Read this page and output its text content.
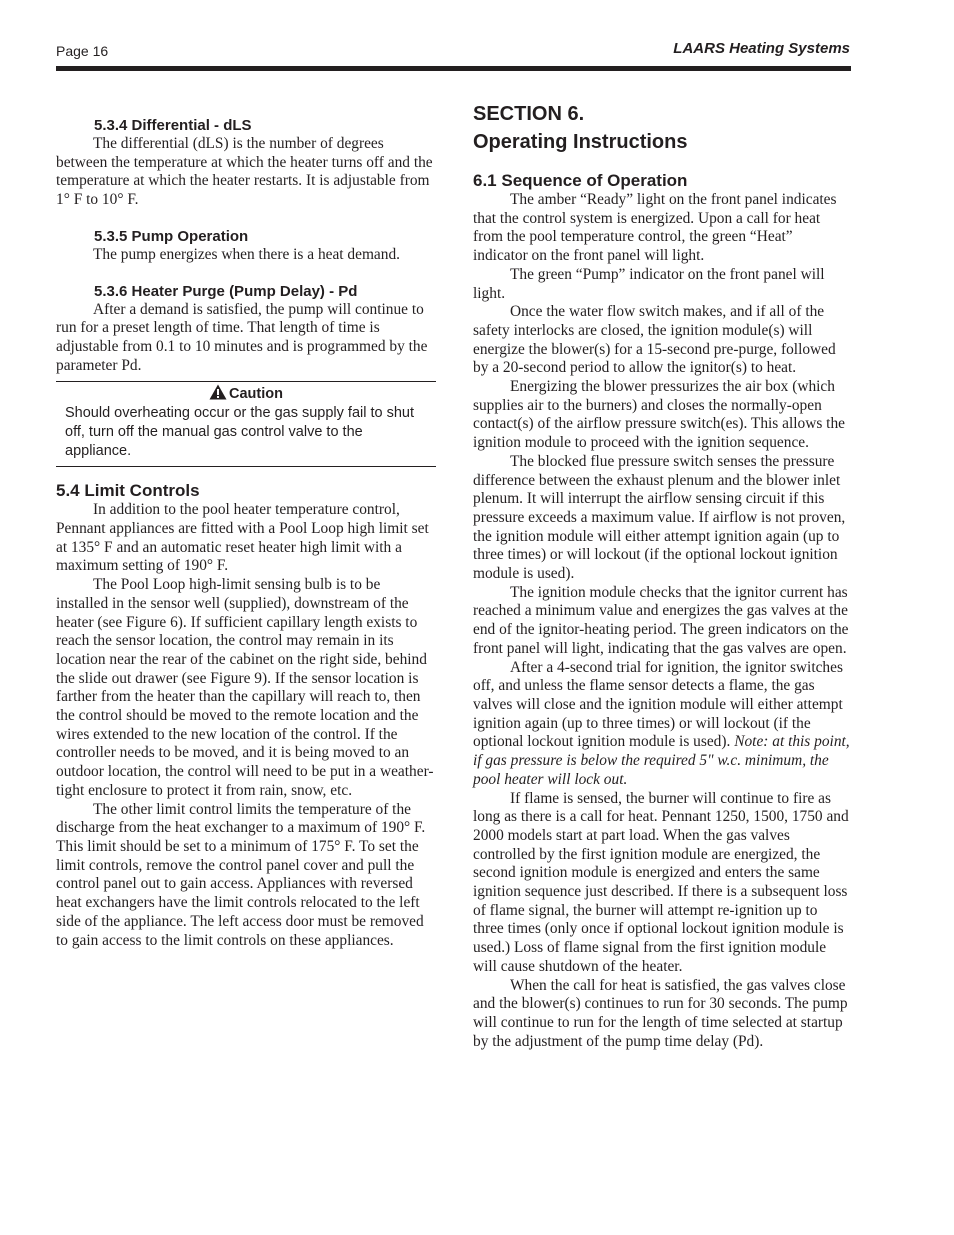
Page 16	LAARS Heating Systems
5.3.4 Differential - dLS

The differential (dLS) is the number of degrees between the temperature at which the heater turns off and the temperature at which the heater restarts. It is adjustable from 1° F to 10° F.

5.3.5 Pump Operation

The pump energizes when there is a heat demand.

5.3.6 Heater Purge (Pump Delay) - Pd

After a demand is satisfied, the pump will continue to run for a preset length of time. That length of time is adjustable from 0.1 to 10 minutes and is programmed by the parameter Pd.

Caution
Should overheating occur or the gas supply fail to shut off, turn off the manual gas control valve to the appliance.
5.4 Limit Controls

In addition to the pool heater temperature control, Pennant appliances are fitted with a Pool Loop high limit set at 135° F and an automatic reset heater high limit with a maximum setting of 190° F.

The Pool Loop high-limit sensing bulb is to be installed in the sensor well (supplied), downstream of the heater (see Figure 6). If sufficient capillary length exists to reach the sensor location, the control may remain in its location near the rear of the cabinet on the right side, behind the slide out drawer (see Figure 9). If the sensor location is farther from the heater than the capillary will reach to, then the control should be moved to the remote location and the wires extended to the new location of the control. If the controller needs to be moved, and it is being moved to an outdoor location, the control will need to be put in a weather-tight enclosure to protect it from rain, snow, etc.

The other limit control limits the temperature of the discharge from the heat exchanger to a maximum of 190° F. This limit should be set to a minimum of 175° F. To set the limit controls, remove the control panel cover and pull the control panel out to gain access. Appliances with reversed heat exchangers have the limit controls relocated to the left side of the appliance. The left access door must be removed to gain access to the limit controls on these appliances.

SECTION 6.
Operating Instructions
6.1 Sequence of Operation

The amber “Ready” light on the front panel indicates that the control system is energized. Upon a call for heat from the pool temperature control, the green “Heat” indicator on the front panel will light.

The green “Pump” indicator on the front panel will light.

Once the water flow switch makes, and if all of the safety interlocks are closed, the ignition module(s) will energize the blower(s) for a 15-second pre-purge, followed by a 20-second period to allow the ignitor(s) to heat.

Energizing the blower pressurizes the air box (which supplies air to the burners) and closes the normally-open contact(s) of the airflow pressure switch(es). This allows the ignition module to proceed with the ignition sequence.

The blocked flue pressure switch senses the pressure difference between the exhaust plenum and the blower inlet plenum. It will interrupt the airflow sensing circuit if this pressure exceeds a maximum value. If airflow is not proven, the ignition module will either attempt ignition again (up to three times) or will lockout (if the optional lockout ignition module is used).

The ignition module checks that the ignitor current has reached a minimum value and energizes the gas valves at the end of the ignitor-heating period. The green indicators on the front panel will light, indicating that the gas valves are open.

After a 4-second trial for ignition, the ignitor switches off, and unless the flame sensor detects a flame, the gas valves will close and the ignition module will either attempt ignition again (up to three times) or will lockout (if the optional lockout ignition module is used). Note: at this point, if gas pressure is below the required 5" w.c. minimum, the pool heater will lock out.

If flame is sensed, the burner will continue to fire as long as there is a call for heat. Pennant 1250, 1500, 1750 and 2000 models start at part load. When the gas valves controlled by the first ignition module are energized, the second ignition module is energized and enters the same ignition sequence just described. If there is a subsequent loss of flame signal, the burner will attempt re-ignition up to three times (only once if optional lockout ignition module is used.) Loss of flame signal from the first ignition module will cause shutdown of the heater.

When the call for heat is satisfied, the gas valves close and the blower(s) continues to run for 30 seconds. The pump will continue to run for the length of time selected at startup by the adjustment of the pump time delay (Pd).
